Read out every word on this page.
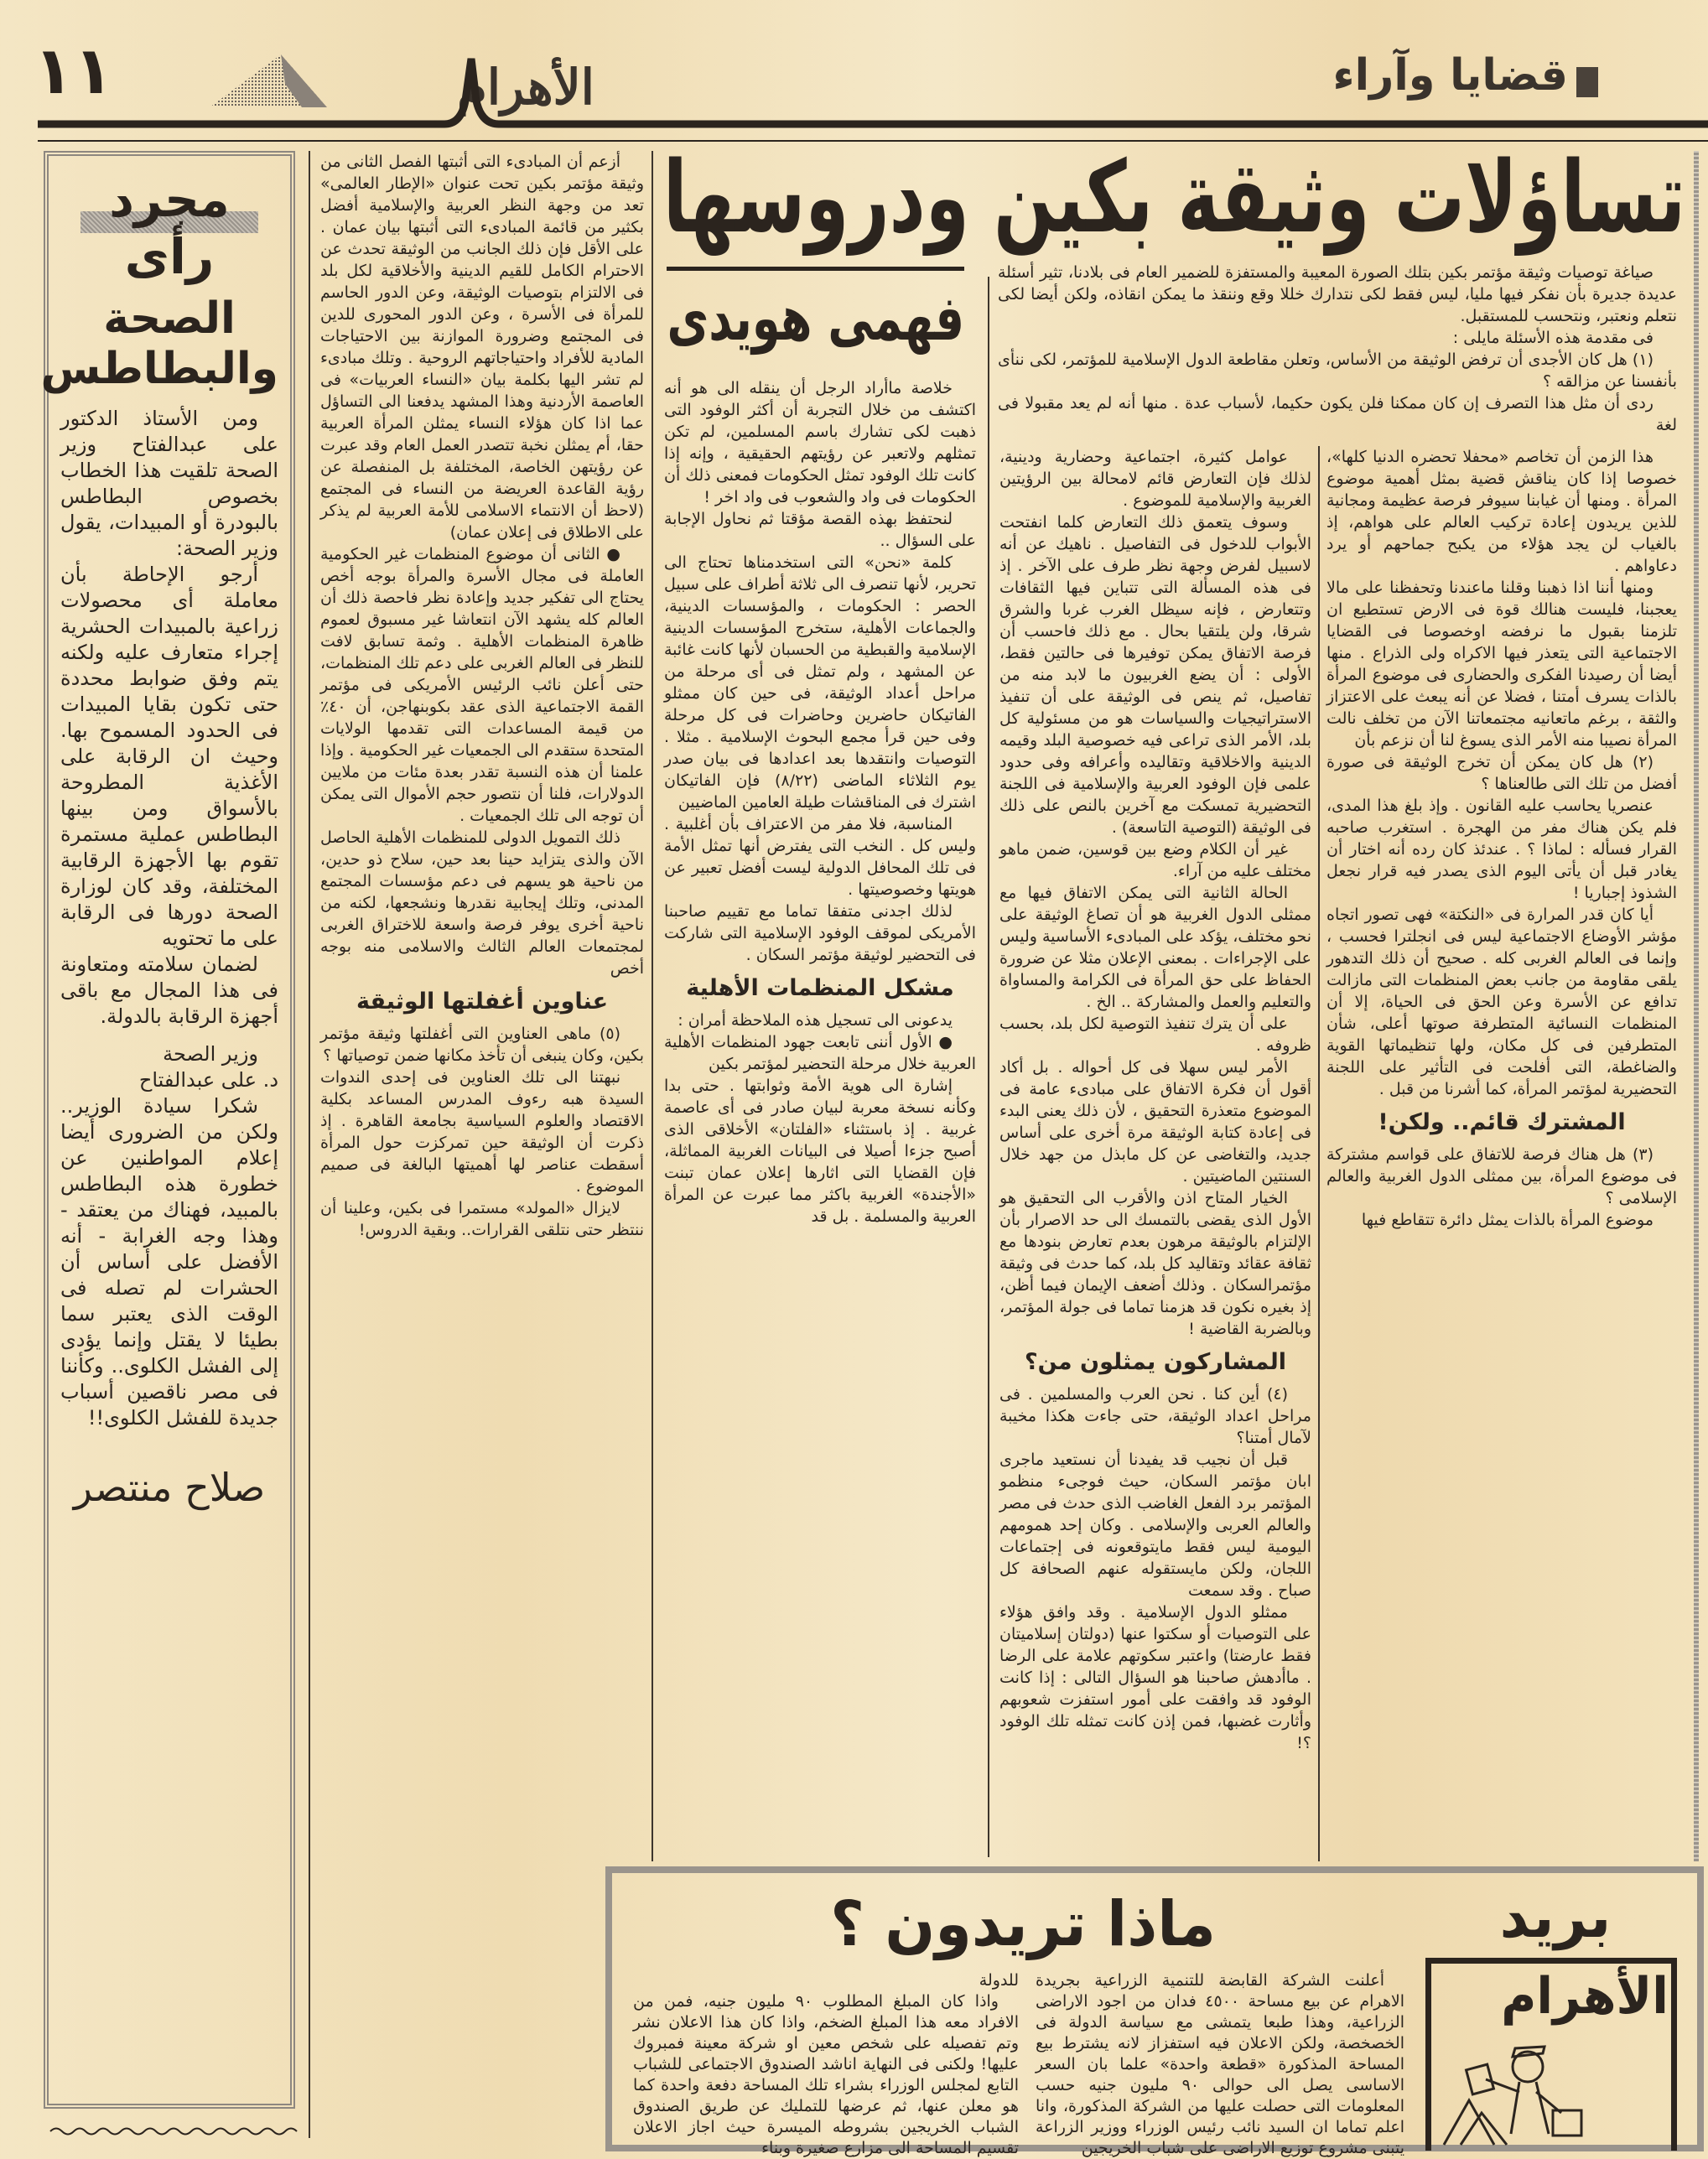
١١	الأهرام	قضايا وآراء
تساؤلات وثيقة بكين ودروسها
فهمى هويدى
صياغة توصيات وثيقة مؤتمر بكين بتلك الصورة المعيبة والمستفزة للضمير العام فى بلادنا، تثير أسئلة عديدة جديرة بأن نفكر فيها مليا، ليس فقط لكى نتدارك خللا وقع وننقذ ما يمكن انقاذه، ولكن أيضا لكى نتعلم ونعتبر، ونتحسب للمستقبل.
فى مقدمة هذه الأسئلة مايلى :
(١) هل كان الأجدى أن ترفض الوثيقة من الأساس، وتعلن مقاطعة الدول الإسلامية للمؤتمر، لكى ننأى بأنفسنا عن مزالقه ؟
ردى أن مثل هذا التصرف إن كان ممكنا فلن يكون حكيما، لأسباب عدة . منها أنه لم يعد مقبولا فى لغة

هذا الزمن أن تخاصم «محفلا تحضره الدنيا كلها»، خصوصا إذا كان يناقش قضية بمثل أهمية موضوع المرأة . ومنها أن غيابنا سيوفر فرصة عظيمة ومجانية للذين يريدون إعادة تركيب العالم على هواهم، إذ بالغياب لن يجد هؤلاء من يكبح جماحهم أو يرد دعاواهم .

ومنها أننا اذا ذهبنا وقلنا ماعندنا وتحفظنا على مالا يعجبنا، فليست هنالك قوة فى الارض تستطيع ان تلزمنا بقبول ما نرفضه اوخصوصا فى القضايا الاجتماعية التى يتعذر فيها الاكراه ولى الذراع . منها أيضا أن رصيدنا الفكرى والحضارى فى موضوع المرأة بالذات يسرف أمتنا ، فضلا عن أنه يبعث على الاعتزاز والثقة ، برغم ماتعانيه مجتمعاتنا الآن من تخلف نالت المرأة نصيبا منه الأمر الذى يسوغ لنا أن نزعم بأن

(٢) هل كان يمكن أن تخرج الوثيقة فى صورة أفضل من تلك التى طالعناها ؟

عنصريا يحاسب عليه القانون . وإذ بلغ هذا المدى، فلم يكن هناك مفر من الهجرة . استغرب صاحبه القرار فسأله : لماذا ؟ . عندئذ كان رده أنه اختار أن يغادر قبل أن يأتى اليوم الذى يصدر فيه قرار نجعل الشذوذ إجباريا !

أيا كان قدر المرارة فى «النكتة» فهى تصور اتجاه مؤشر الأوضاع الاجتماعية ليس فى انجلترا فحسب ، وإنما فى العالم الغربى كله . صحيح أن ذلك التدهور يلقى مقاومة من جانب بعض المنظمات التى مازالت تدافع عن الأسرة وعن الحق فى الحياة، إلا أن المنظمات النسائية المتطرفة صوتها أعلى، شأن المتطرفين فى كل مكان، ولها تنظيماتها القوية والضاغطة، التى أفلحت فى التأثير على اللجنة التحضيرية لمؤتمر المرأة، كما أشرنا من قبل .

المشترك قائم.. ولكن!

(٣) هل هناك فرصة للاتفاق على قواسم مشتركة فى موضوع المرأة، بين ممثلى الدول الغربية والعالم الإسلامى ؟

موضوع المرأة بالذات يمثل دائرة تتقاطع فيها

عوامل كثيرة، اجتماعية وحضارية ودينية، لذلك فإن التعارض قائم لامحالة بين الرؤيتين الغربية والإسلامية للموضوع .

وسوف يتعمق ذلك التعارض كلما انفتحت الأبواب للدخول فى التفاصيل . ناهيك عن أنه لاسبيل لفرض وجهة نظر طرف على الآخر . إذ فى هذه المسألة التى تتباين فيها الثقافات وتتعارض ، فإنه سيظل الغرب غربا والشرق شرقا، ولن يلتقيا بحال . مع ذلك فاحسب أن فرصة الاتفاق يمكن توفيرها فى حالتين فقط، الأولى : أن يضع الغربيون ما لابد منه من تفاصيل، ثم ينص فى الوثيقة على أن تنفيذ الاستراتيجيات والسياسات هو من مسئولية كل بلد، الأمر الذى تراعى فيه خصوصية البلد وقيمه الدينية والاخلاقية وتقاليده وأعرافه وفى حدود علمى فإن الوفود العربية والإسلامية فى اللجنة التحضيرية تمسكت مع آخرين بالنص على ذلك فى الوثيقة (التوصية التاسعة) .

غير أن الكلام وضع بين قوسين، ضمن ماهو مختلف عليه من آراء.

الحالة الثانية التى يمكن الاتفاق فيها مع ممثلى الدول الغربية هو أن تصاغ الوثيقة على نحو مختلف، يؤكد على المبادىء الأساسية وليس على الإجراءات . بمعنى الإعلان مثلا عن ضرورة الحفاظ على حق المرأة فى الكرامة والمساواة والتعليم والعمل والمشاركة .. الخ .

على أن يترك تنفيذ التوصية لكل بلد، بحسب ظروفه .

الأمر ليس سهلا فى كل أحواله . بل أكاد أقول أن فكرة الاتفاق على مبادىء عامة فى الموضوع متعذرة التحقيق ، لأن ذلك يعنى البدء فى إعادة كتابة الوثيقة مرة أخرى على أساس جديد، والتغاضى عن كل مابذل من جهد خلال السنتين الماضيتين .

الخيار المتاح اذن والأقرب الى التحقيق هو الأول الذى يقضى بالتمسك الى حد الاصرار بأن الإلتزام بالوثيقة مرهون بعدم تعارض بنودها مع ثقافة عقائد وتقاليد كل بلد، كما حدث فى وثيقة مؤتمرالسكان . وذلك أضعف الإيمان فيما أظن، إذ بغيره نكون قد هزمنا تماما فى جولة المؤتمر، وبالضربة القاضية !

المشاركون يمثلون من؟

(٤) أين كنا . نحن العرب والمسلمين . فى مراحل اعداد الوثيقة، حتى جاءت هكذا مخيبة لآمال أمتنا؟

قبل أن نجيب قد يفيدنا أن نستعيد ماجرى ابان مؤتمر السكان، حيث فوجىء منظمو المؤتمر برد الفعل الغاضب الذى حدث فى مصر والعالم العربى والإسلامى . وكان إحد همومهم اليومية ليس فقط مايتوقعونه فى إجتماعات اللجان، ولكن مايستقوله عنهم الصحافة كل صباح . وقد سمعت

ممثلو الدول الإسلامية . وقد وافق هؤلاء على التوصيات أو سكتوا عنها (دولتان إسلاميتان فقط عارضتا) واعتبر سكوتهم علامة على الرضا . ماأدهش صاحبنا هو السؤال التالى : إذا كانت الوفود قد وافقت على أمور استفزت شعوبهم وأثارت غضبها، فمن إذن كانت تمثله تلك الوفود ؟!

خلاصة ماأراد الرجل أن ينقله الى هو أنه اكتشف من خلال التجربة أن أكثر الوفود التى ذهبت لكى تشارك باسم المسلمين، لم تكن تمثلهم ولاتعبر عن رؤيتهم الحقيقية ، وإنه إذا كانت تلك الوفود تمثل الحكومات فمعنى ذلك أن الحكومات فى واد والشعوب فى واد اخر !

لنحتفظ بهذه القصة مؤقتا ثم نحاول الإجابة على السؤال ..

كلمة «نحن» التى استخدمناها تحتاج الى تحرير، لأنها تنصرف الى ثلاثة أطراف على سبيل الحصر : الحكومات ، والمؤسسات الدينية، والجماعات الأهلية، ستخرج المؤسسات الدينية الإسلامية والقبطية من الحسبان لأنها كانت غائبة عن المشهد ، ولم تمثل فى أى مرحلة من مراحل أعداد الوثيقة، فى حين كان ممثلو الفاتيكان حاضرين وحاضرات فى كل مرحلة وفى حين قرأ مجمع البحوث الإسلامية . مثلا . التوصيات وانتقدها بعد اعدادها فى بيان صدر يوم الثلاثاء الماضى (٨/٢٢) فإن الفاتيكان اشترك فى المناقشات طيلة العامين الماضيين

المناسبة، فلا مفر من الاعتراف بأن أغلبية . وليس كل . النخب التى يفترض أنها تمثل الأمة فى تلك المحافل الدولية ليست أفضل تعبير عن هويتها وخصوصيتها .

لذلك اجدنى متفقا تماما مع تقييم صاحبنا الأمريكى لموقف الوفود الإسلامية التى شاركت فى التحضير لوثيقة مؤتمر السكان .

مشكل المنظمات الأهلية

يدعونى الى تسجيل هذه الملاحظة أمران :

● الأول أننى تابعت جهود المنظمات الأهلية العربية خلال مرحلة التحضير لمؤتمر بكين

إشارة الى هوية الأمة وثوابتها . حتى بدا وكأنه نسخة معربة لبيان صادر فى أى عاصمة غربية . إذ باستثناء «الفلتان» الأخلاقى الذى أصبح جزءا أصيلا فى البيانات الغربية المماثلة، فإن القضايا التى اثارها إعلان عمان تبنت «الأجندة» الغربية باكثر مما عبرت عن المرأة العربية والمسلمة . بل قد

أزعم أن المبادىء التى أثبتها الفصل الثانى من وثيقة مؤتمر بكين تحت عنوان «الإطار العالمى» تعد من وجهة النظر العربية والإسلامية أفضل بكثير من قائمة المبادىء التى أثبتها بيان عمان . على الأقل فإن ذلك الجانب من الوثيقة تحدث عن الاحترام الكامل للقيم الدينية والأخلاقية لكل بلد فى الالتزام بتوصيات الوثيقة، وعن الدور الحاسم للمرأة فى الأسرة ، وعن الدور المحورى للدين فى المجتمع وضرورة الموازنة بين الاحتياجات المادية للأفراد واحتياجاتهم الروحية . وتلك مبادىء لم تشر اليها بكلمة بيان «النساء العربيات» فى العاصمة الأردنية وهذا المشهد يدفعنا الى التساؤل عما اذا كان هؤلاء النساء يمثلن المرأة العربية حقا، أم يمثلن نخبة تتصدر العمل العام وقد عبرت عن رؤيتهن الخاصة، المختلفة بل المنفصلة عن رؤية القاعدة العريضة من النساء فى المجتمع (لاحظ أن الانتماء الاسلامى للأمة العربية لم يذكر على الاطلاق فى إعلان عمان)

● الثانى أن موضوع المنظمات غير الحكومية العاملة فى مجال الأسرة والمرأة بوجه أخص يحتاج الى تفكير جديد وإعادة نظر فاحصة ذلك أن العالم كله يشهد الآن انتعاشا غير مسبوق لعموم ظاهرة المنظمات الأهلية . وثمة تسابق لافت للنظر فى العالم الغربى على دعم تلك المنظمات، حتى أعلن نائب الرئيس الأمريكى فى مؤتمر القمة الاجتماعية الذى عقد بكوبنهاجن، أن ٤٠٪ من قيمة المساعدات التى تقدمها الولايات المتحدة ستقدم الى الجمعيات غير الحكومية . وإذا علمنا أن هذه النسبة تقدر بعدة مئات من ملايين الدولارات، فلنا أن نتصور حجم الأموال التى يمكن أن توجه الى تلك الجمعيات .

ذلك التمويل الدولى للمنظمات الأهلية الحاصل الآن والذى يتزايد حينا بعد حين، سلاح ذو حدين، من ناحية هو يسهم فى دعم مؤسسات المجتمع المدنى، وتلك إيجابية نقدرها ونشجعها، لكنه من ناحية أخرى يوفر فرصة واسعة للاختراق الغربى لمجتمعات العالم الثالث والاسلامى منه بوجه أخص

عناوين أغفلتها الوثيقة

(٥) ماهى العناوين التى أغفلتها وثيقة مؤتمر بكين، وكان ينبغى أن تأخذ مكانها ضمن توصياتها ؟

نبهتنا الى تلك العناوين فى إحدى الندوات السيدة هبه رءوف المدرس المساعد بكلية الاقتصاد والعلوم السياسية بجامعة القاهرة . إذ ذكرت أن الوثيقة حين تمركزت حول المرأة أسقطت عناصر لها أهميتها البالغة فى صميم الموضوع .

لايزال «المولد» مستمرا فى بكين، وعلينا أن ننتظر حتى نتلقى القرارات.. وبقية الدروس!

مجرد رأى
الصحة والبطاطس

ومن الأستاذ الدكتور على عبدالفتاح وزير الصحة تلقيت هذا الخطاب بخصوص البطاطس بالبودرة أو المبيدات، يقول وزير الصحة:

أرجو الإحاطة بأن معاملة أى محصولات زراعية بالمبيدات الحشرية إجراء متعارف عليه ولكنه يتم وفق ضوابط محددة حتى تكون بقايا المبيدات فى الحدود المسموح بها. وحيث ان الرقابة على الأغذية المطروحة بالأسواق ومن بينها البطاطس عملية مستمرة تقوم بها الأجهزة الرقابية المختلفة، وقد كان لوزارة الصحة دورها فى الرقابة على ما تحتويه

لضمان سلامته ومتعاونة فى هذا المجال مع باقى أجهزة الرقابة بالدولة.

وزير الصحة

د. على عبدالفتاح

شكرا سيادة الوزير.. ولكن من الضرورى أيضا إعلام المواطنين عن خطورة هذه البطاطس بالمبيد، فهناك من يعتقد - وهذا وجه الغرابة - أنه الأفضل على أساس أن الحشرات لم تصله فى الوقت الذى يعتبر سما بطيئا لا يقتل وإنما يؤدى إلى الفشل الكلوى.. وكأننا فى مصر ناقصين أسباب جديدة للفشل الكلوى!!

صلاح منتصر
ماذا تريدون ؟	بريد
الأهرام

أعلنت الشركة القابضة للتنمية الزراعية بجريدة الاهرام عن بيع مساحة ٤٥٠٠ فدان من اجود الاراضى الزراعية، وهذا طبعا يتمشى مع سياسة الدولة فى الخصخصة، ولكن الاعلان فيه استفزاز لانه يشترط بيع المساحة المذكورة «قطعة واحدة» علما بان السعر الاساسى يصل الى حوالى ٩٠ مليون جنيه حسب المعلومات التى حصلت عليها من الشركة المذكورة، وانا اعلم تماما ان السيد نائب رئيس الوزراء ووزير الزراعة يتبنى مشروع توزيع الاراضى على شباب الخريجين

للدولة

واذا كان المبلغ المطلوب ٩٠ مليون جنيه، فمن من الافراد معه هذا المبلغ الضخم، واذا كان هذا الاعلان نشر وتم تفصيله على شخص معين او شركة معينة فمبروك عليها! ولكنى فى النهاية اناشد الصندوق الاجتماعى للشباب التابع لمجلس الوزراء بشراء تلك المساحة دفعة واحدة كما هو معلن عنها، ثم عرضها للتمليك عن طريق الصندوق الشباب الخريجين بشروطه الميسرة حيث اجاز الاعلان تقسيم المساحة الى مزارع صغيرة وبناء
